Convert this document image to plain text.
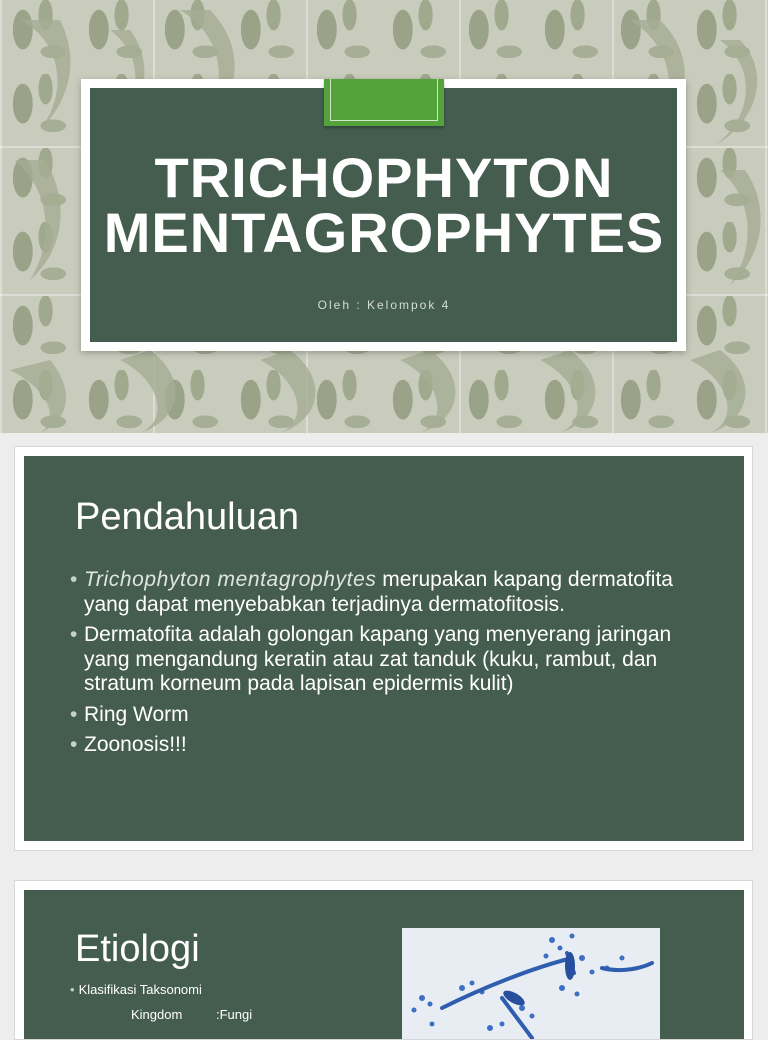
TRICHOPHYTON
MENTAGROPHYTES
Oleh : Kelompok 4
Pendahuluan
• Trichophyton mentagrophytes merupakan kapang dermatofita yang dapat menyebabkan terjadinya dermatofitosis.
• Dermatofita adalah golongan kapang yang menyerang jaringan yang mengandung keratin atau zat tanduk (kuku, rambut, dan stratum korneum pada lapisan epidermis kulit)
• Ring Worm
• Zoonosis!!!
Etiologi
• Klasifikasi Taksonomi
Kingdom	:Fungi
